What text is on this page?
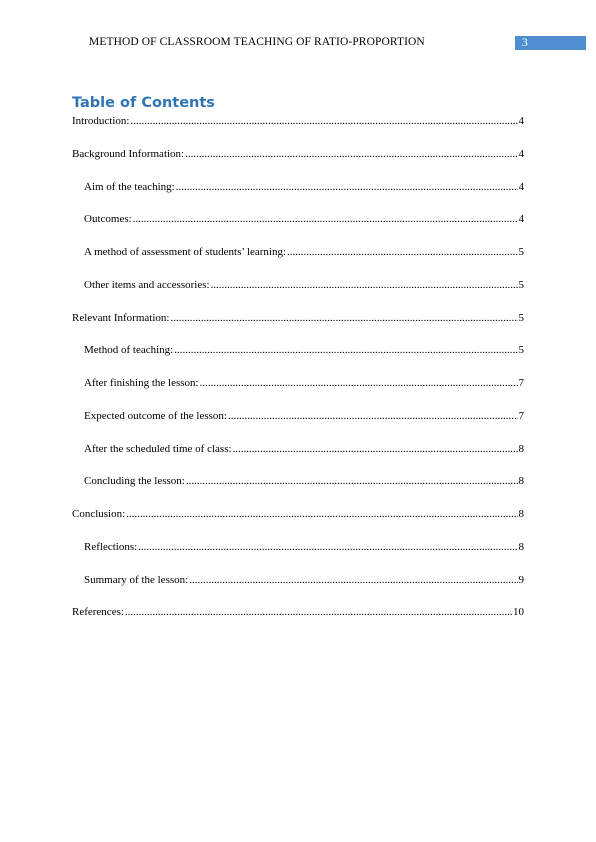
METHOD OF CLASSROOM TEACHING OF RATIO-PROPORTION	3
Table of Contents
Introduction: .....	4
Background Information: .....	4
Aim of the teaching: .....	4
Outcomes: .....	4
A method of assessment of students’ learning: .....	5
Other items and accessories: .....	5
Relevant Information: .....	5
Method of teaching: .....	5
After finishing the lesson: .....	7
Expected outcome of the lesson: .....	7
After the scheduled time of class: .....	8
Concluding the lesson: .....	8
Conclusion: .....	8
Reflections: .....	8
Summary of the lesson: .....	9
References: .....	10
